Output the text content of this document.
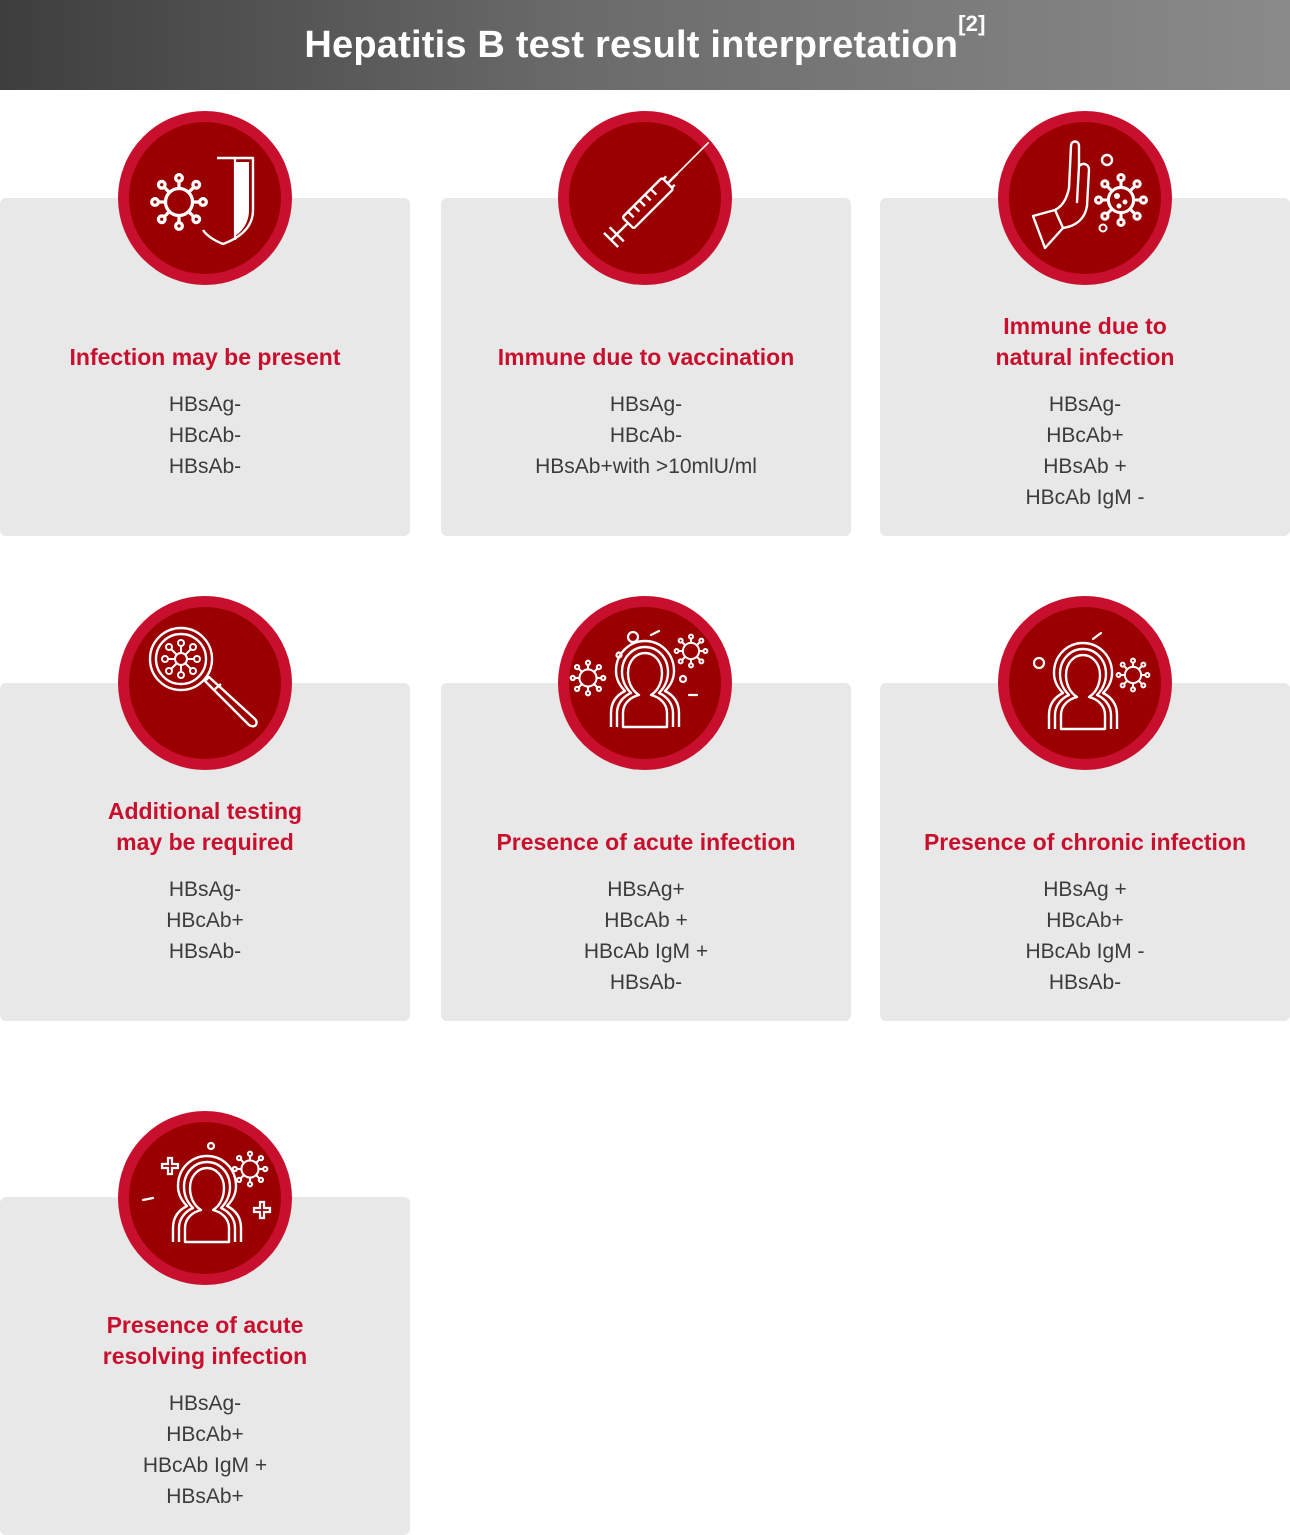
Hepatitis B test result interpretation[2]
Infection may be present
HBsAg-
HBcAb-
HBsAb-
Immune due to vaccination
HBsAg-
HBcAb-
HBsAb+with >10mlU/ml
Immune due to
natural infection
HBsAg-
HBcAb+
HBsAb +
HBcAb IgM -
Additional testing
may be required
HBsAg-
HBcAb+
HBsAb-
Presence of acute infection
HBsAg+
HBcAb +
HBcAb IgM +
HBsAb-
Presence of chronic infection
HBsAg +
HBcAb+
HBcAb IgM -
HBsAb-
Presence of acute
resolving infection
HBsAg-
HBcAb+
HBcAb IgM +
HBsAb+
